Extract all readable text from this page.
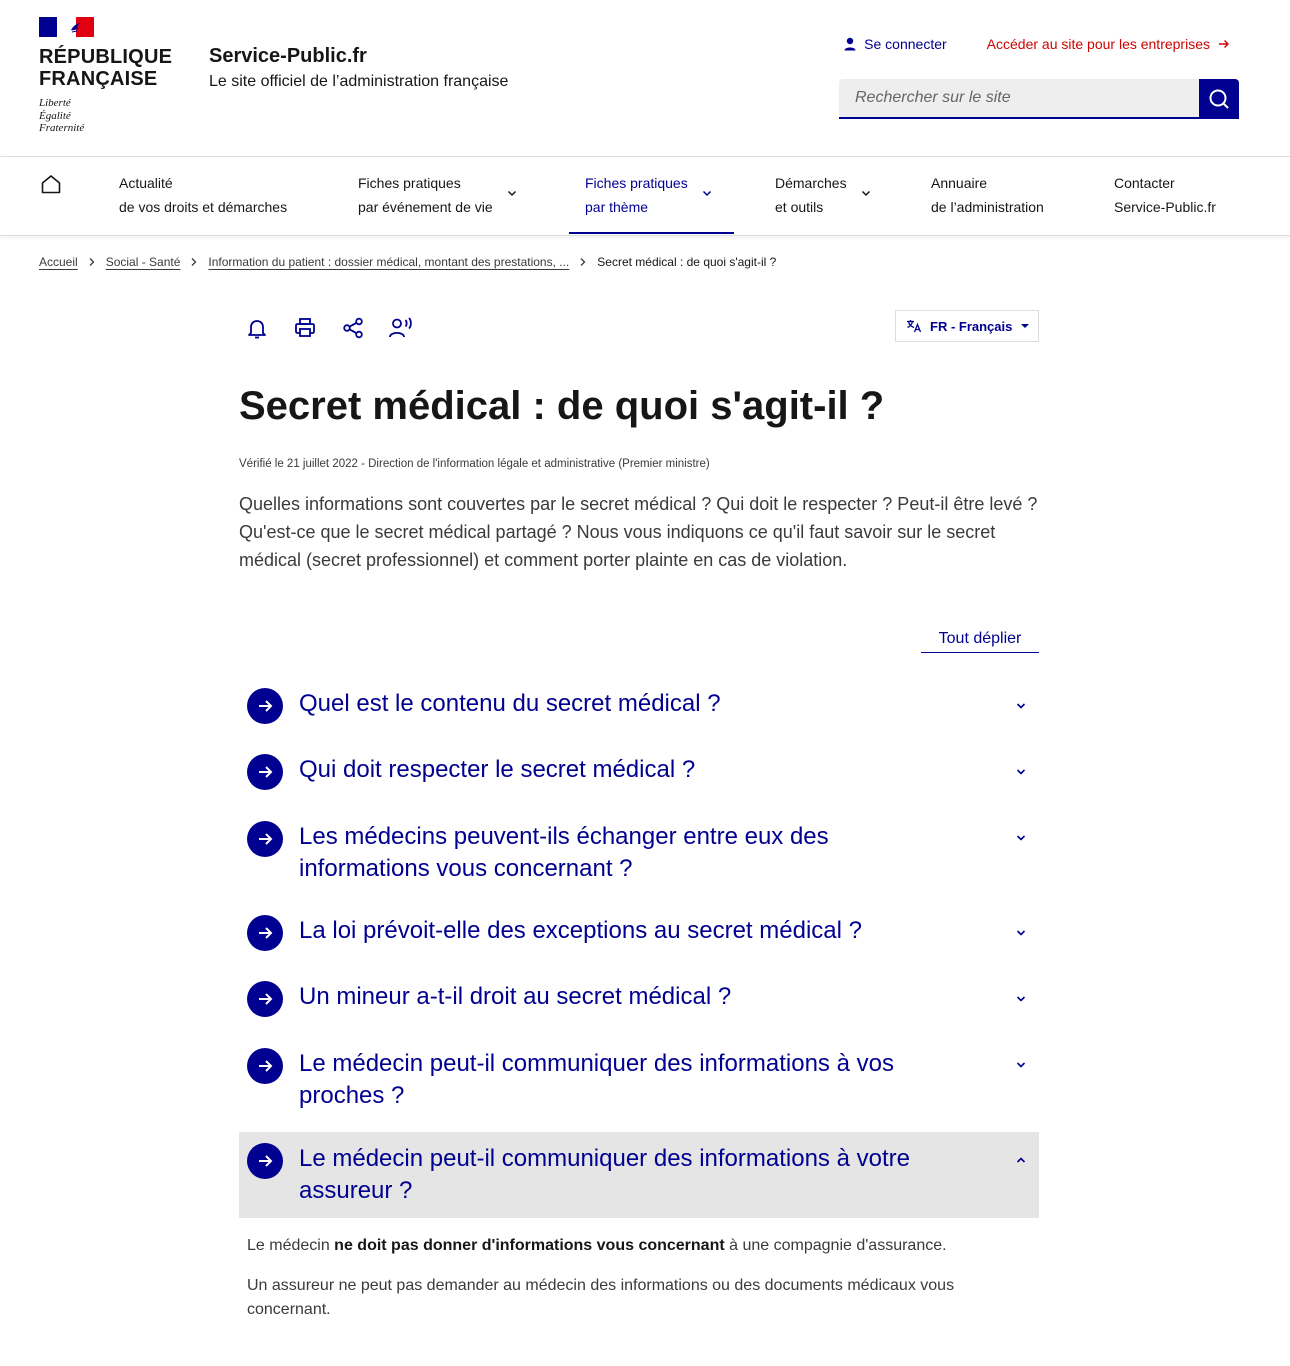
RÉPUBLIQUE
FRANÇAISE
Liberté
Égalité
Fraternité
Service-Public.fr
Le site officiel de l’administration française
Se connecter	Accéder au site pour les entreprises
Rechercher sur le site
Actualité
de vos droits et démarches
Fiches pratiques
par événement de vie
Fiches pratiques
par thème
Démarches
et outils
Annuaire
de l’administration
Contacter
Service-Public.fr
Accueil Social - Santé Information du patient : dossier médical, montant des prestations, ... Secret médical : de quoi s'agit-il ?
FR - Français
Secret médical : de quoi s'agit-il ?

Vérifié le 21 juillet 2022 - Direction de l'information légale et administrative (Premier ministre)

Quelles informations sont couvertes par le secret médical ? Qui doit le respecter ? Peut-il être levé ? Qu'est-ce que le secret médical partagé ? Nous vous indiquons ce qu'il faut savoir sur le secret médical (secret professionnel) et comment porter plainte en cas de violation.

Tout déplier
Quel est le contenu du secret médical ?
Qui doit respecter le secret médical ?
Les médecins peuvent-ils échanger entre eux des informations vous concernant ?
La loi prévoit-elle des exceptions au secret médical ?
Un mineur a-t-il droit au secret médical ?
Le médecin peut-il communiquer des informations à vos proches ?
Le médecin peut-il communiquer des informations à votre assureur ?

Le médecin ne doit pas donner d'informations vous concernant à une compagnie d'assurance.

Un assureur ne peut pas demander au médecin des informations ou des documents médicaux vous concernant.
